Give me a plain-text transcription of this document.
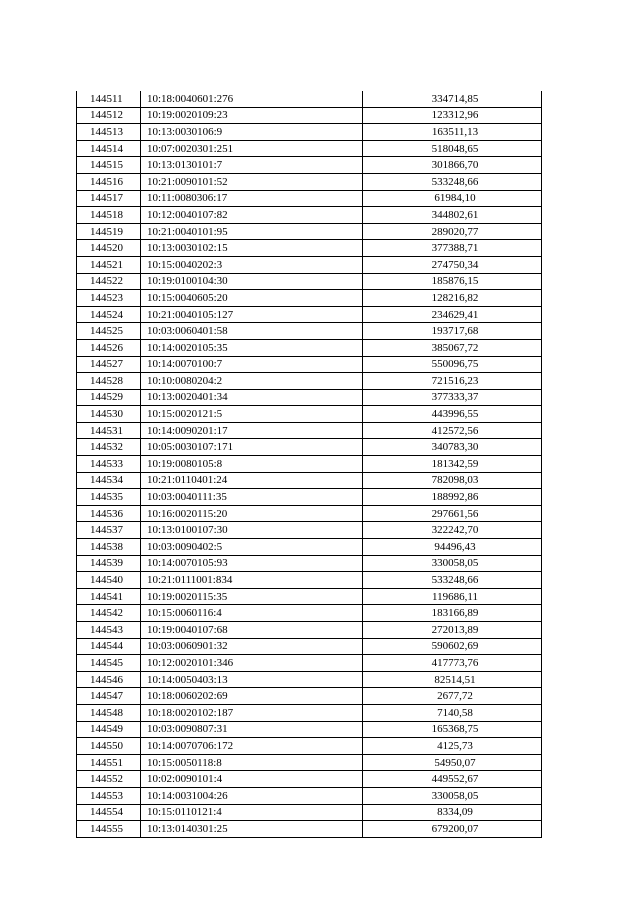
144511	10:18:0040601:276	334714,85
144512	10:19:0020109:23	123312,96
144513	10:13:0030106:9	163511,13
144514	10:07:0020301:251	518048,65
144515	10:13:0130101:7	301866,70
144516	10:21:0090101:52	533248,66
144517	10:11:0080306:17	61984,10
144518	10:12:0040107:82	344802,61
144519	10:21:0040101:95	289020,77
144520	10:13:0030102:15	377388,71
144521	10:15:0040202:3	274750,34
144522	10:19:0100104:30	185876,15
144523	10:15:0040605:20	128216,82
144524	10:21:0040105:127	234629,41
144525	10:03:0060401:58	193717,68
144526	10:14:0020105:35	385067,72
144527	10:14:0070100:7	550096,75
144528	10:10:0080204:2	721516,23
144529	10:13:0020401:34	377333,37
144530	10:15:0020121:5	443996,55
144531	10:14:0090201:17	412572,56
144532	10:05:0030107:171	340783,30
144533	10:19:0080105:8	181342,59
144534	10:21:0110401:24	782098,03
144535	10:03:0040111:35	188992,86
144536	10:16:0020115:20	297661,56
144537	10:13:0100107:30	322242,70
144538	10:03:0090402:5	94496,43
144539	10:14:0070105:93	330058,05
144540	10:21:0111001:834	533248,66
144541	10:19:0020115:35	119686,11
144542	10:15:0060116:4	183166,89
144543	10:19:0040107:68	272013,89
144544	10:03:0060901:32	590602,69
144545	10:12:0020101:346	417773,76
144546	10:14:0050403:13	82514,51
144547	10:18:0060202:69	2677,72
144548	10:18:0020102:187	7140,58
144549	10:03:0090807:31	165368,75
144550	10:14:0070706:172	4125,73
144551	10:15:0050118:8	54950,07
144552	10:02:0090101:4	449552,67
144553	10:14:0031004:26	330058,05
144554	10:15:0110121:4	8334,09
144555	10:13:0140301:25	679200,07
